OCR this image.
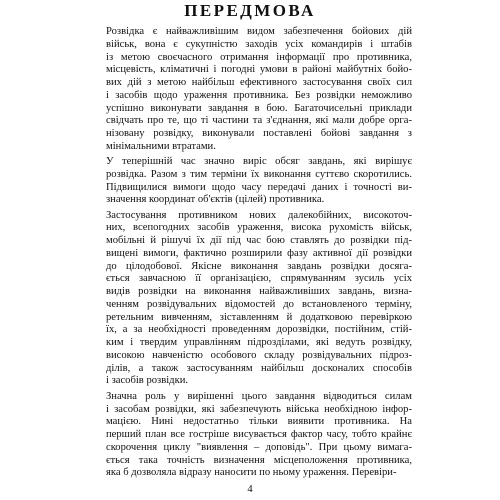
ПЕРЕДМОВА

Розвідка є найважливішим видом забезпечення бойових дій
військ, вона є сукупністю заходів усіх командирів і штабів
із метою своєчасного отримання інформації про противника,
місцевість, кліматичні і погодні умови в районі майбутніх бойо-
вих дій з метою найбільш ефективного застосування своїх сил
і засобів щодо ураження противника. Без розвідки неможливо
успішно виконувати завдання в бою. Багаточисельні приклади
свідчать про те, що ті частини та з'єднання, які мали добре орга-
нізовану розвідку, виконували поставлені бойові завдання з
мінімальними втратами.

У теперішній час значно виріс обсяг завдань, які вирішує
розвідка. Разом з тим терміни їх виконання суттєво скоротились.
Підвищилися вимоги щодо часу передачі даних і точності ви-
значення координат об'єктів (цілей) противника.

Застосування противником нових далекобійних, високоточ-
них, всепогодних засобів ураження, висока рухомість військ,
мобільні й рішучі їх дії під час бою ставлять до розвідки під-
вищені вимоги, фактично розширили фазу активної дії розвідки
до цілодобової. Якісне виконання завдань розвідки досяга-
ється завчасною її організацією, спрямуванням зусиль усіх
видів розвідки на виконання найважливіших завдань, визна-
ченням розвідувальних відомостей до встановленого терміну,
ретельним вивченням, зіставленням й додатковою перевіркою
їх, а за необхідності проведенням дорозвідки, постійним, стій-
ким і твердим управлінням підрозділами, які ведуть розвідку,
високою навченістю особового складу розвідувальних підроз-
ділів, а також застосуванням найбільш досконалих способів
і засобів розвідки.

Значна роль у вирішенні цього завдання відводиться силам
і засобам розвідки, які забезпечують війська необхідною інфор-
мацією. Нині недостатньо тільки виявити противника. На
перший план все гостріше висувається фактор часу, тобто крайнє
скорочення циклу "виявлення – доповідь". При цьому вимага-
ється така точність визначення місцеположення противника,
яка б дозволяла відразу наносити по ньому ураження. Перевіри-

4
